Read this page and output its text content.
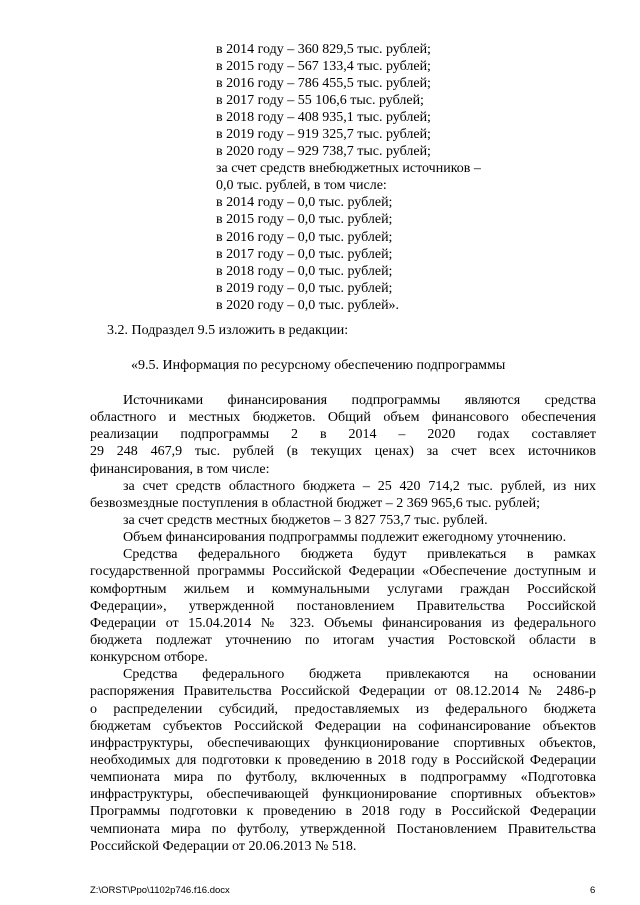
в 2014 году – 360 829,5 тыс. рублей;
в 2015 году – 567 133,4 тыс. рублей;
в 2016 году – 786 455,5 тыс. рублей;
в 2017 году – 55 106,6 тыс. рублей;
в 2018 году – 408 935,1 тыс. рублей;
в 2019 году – 919 325,7 тыс. рублей;
в 2020 году – 929 738,7 тыс. рублей;
за счет средств внебюджетных источников –
0,0 тыс. рублей, в том числе:
в 2014 году – 0,0 тыс. рублей;
в 2015 году – 0,0 тыс. рублей;
в 2016 году – 0,0 тыс. рублей;
в 2017 году – 0,0 тыс. рублей;
в 2018 году – 0,0 тыс. рублей;
в 2019 году – 0,0 тыс. рублей;
в 2020 году – 0,0 тыс. рублей».
3.2. Подраздел 9.5 изложить в редакции:
«9.5. Информация по ресурсному обеспечению подпрограммы
Источниками финансирования подпрограммы являются средства
областного и местных бюджетов. Общий объем финансового обеспечения
реализации подпрограммы 2 в 2014 – 2020 годах составляет
29 248 467,9 тыс. рублей (в текущих ценах) за счет всех источников
финансирования, в том числе:
за счет средств областного бюджета – 25 420 714,2 тыс. рублей, из них
безвозмездные поступления в областной бюджет – 2 369 965,6 тыс. рублей;
за счет средств местных бюджетов – 3 827 753,7 тыс. рублей.
Объем финансирования подпрограммы подлежит ежегодному уточнению.
Средства федерального бюджета будут привлекаться в рамках
государственной программы Российской Федерации «Обеспечение доступным и
комфортным жильем и коммунальными услугами граждан Российской
Федерации», утвержденной постановлением Правительства Российской
Федерации от 15.04.2014 № 323. Объемы финансирования из федерального
бюджета подлежат уточнению по итогам участия Ростовской области в
конкурсном отборе.
Средства федерального бюджета привлекаются на основании
распоряжения Правительства Российской Федерации от 08.12.2014 № 2486-р
о распределении субсидий, предоставляемых из федерального бюджета
бюджетам субъектов Российской Федерации на софинансирование объектов
инфраструктуры, обеспечивающих функционирование спортивных объектов,
необходимых для подготовки к проведению в 2018 году в Российской Федерации
чемпионата мира по футболу, включенных в подпрограмму «Подготовка
инфраструктуры, обеспечивающей функционирование спортивных объектов»
Программы подготовки к проведению в 2018 году в Российской Федерации
чемпионата мира по футболу, утвержденной Постановлением Правительства
Российской Федерации от 20.06.2013 № 518.
Z:\ORST\Ppo\1102p746.f16.docx	6
